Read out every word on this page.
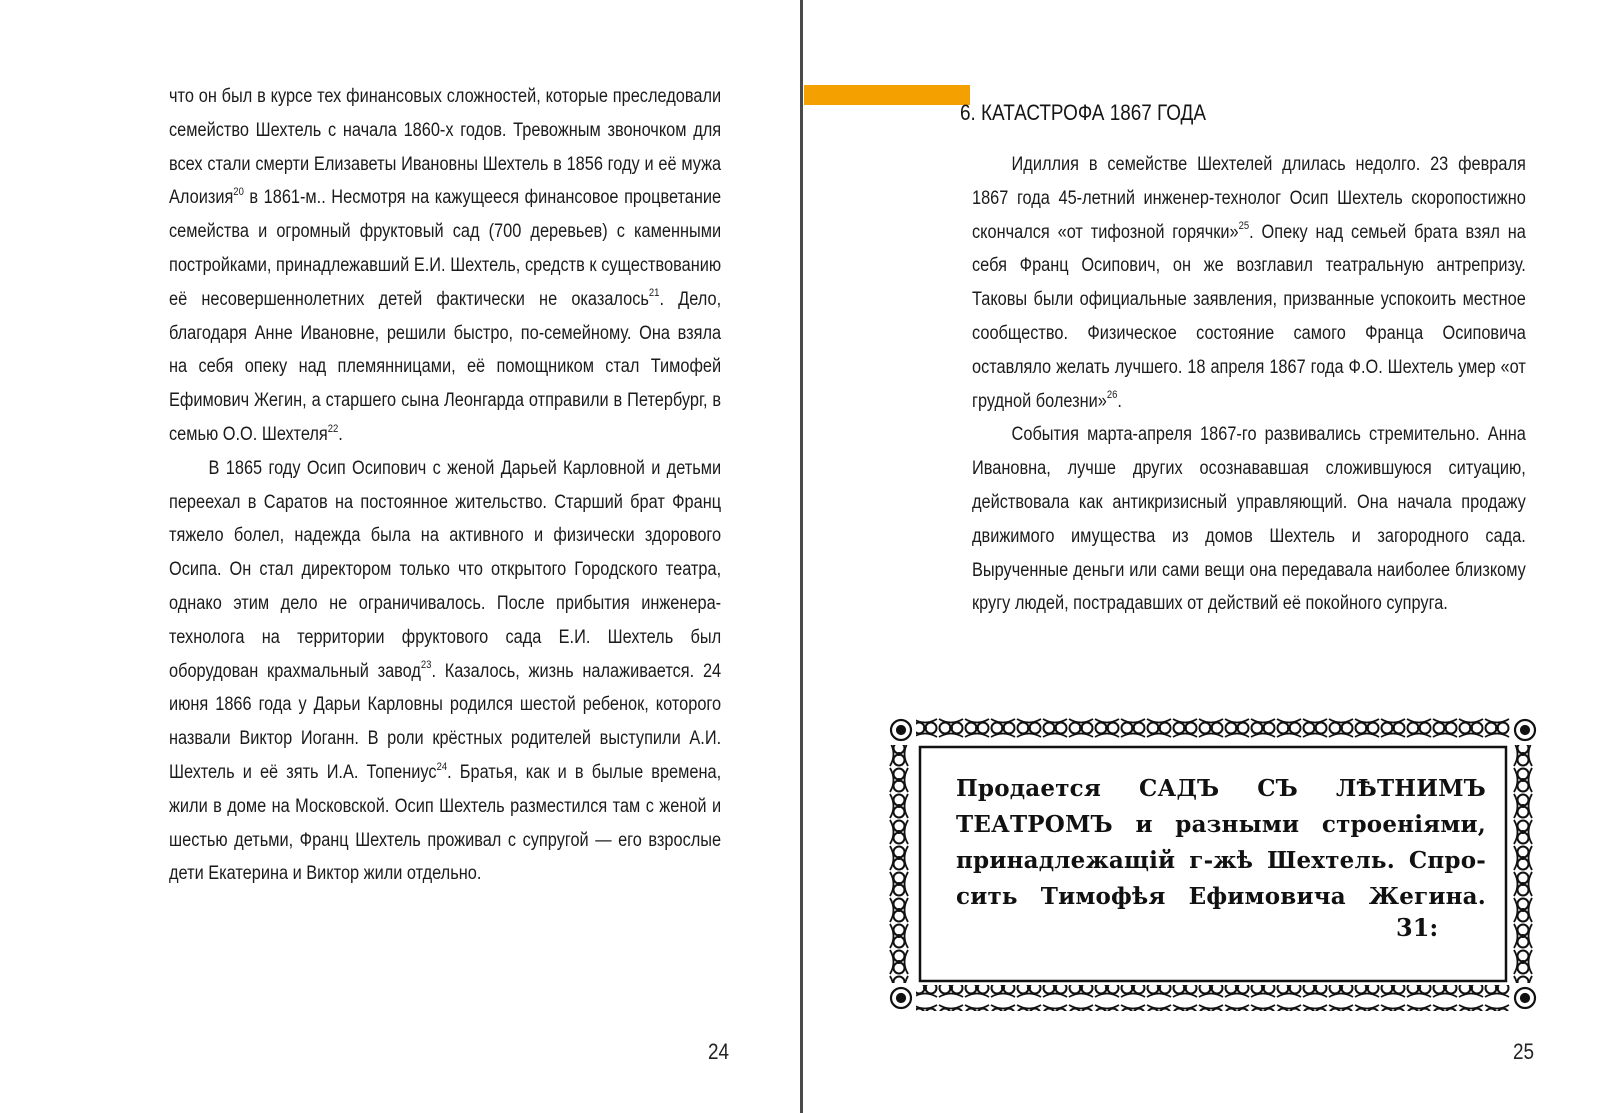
что он был в курсе тех финансовых сложностей, которые преследовали семейство Шехтель с начала 1860-х годов. Тревожным звоночком для всех стали смерти Елизаветы Ивановны Шехтель в 1856 году и её мужа Алоизия$^{20}$ в 1861-м.. Несмотря на кажущееся финансовое процветание семейства и огромный фруктовый сад (700 деревьев) с каменными постройками, принадлежавший Е.И. Шехтель, средств к существованию её несовершеннолетних детей фактически не оказалось$^{21}$. Дело, благодаря Анне Ивановне, решили быстро, по-семейному. Она взяла на себя опеку над племянницами, её помощником стал Тимофей Ефимович Жегин, а старшего сына Леонгарда отправили в Петербург, в семью О.О. Шехтеля$^{22}$.

В 1865 году Осип Осипович с женой Дарьей Карловной и детьми переехал в Саратов на постоянное жительство. Старший брат Франц тяжело болел, надежда была на активного и физически здорового Осипа. Он стал директором только что открытого Городского театра, однако этим дело не ограничивалось. После прибытия инженера-технолога на территории фруктового сада Е.И. Шехтель был оборудован крахмальный завод$^{23}$. Казалось, жизнь налаживается. 24 июня 1866 года у Дарьи Карловны родился шестой ребенок, которого назвали Виктор Иоганн. В роли крёстных родителей выступили А.И. Шехтель и её зять И.А. Топениус$^{24}$. Братья, как и в былые времена, жили в доме на Московской. Осип Шехтель разместился там с женой и шестью детьми, Франц Шехтель проживал с супругой — его взрослые дети Екатерина и Виктор жили отдельно.

24
6. КАТАСТРОФА 1867 ГОДА

Идиллия в семействе Шехтелей длилась недолго. 23 февраля 1867 года 45-летний инженер-технолог Осип Шехтель скоропостижно скончался «от тифозной горячки»$^{25}$. Опеку над семьей брата взял на себя Франц Осипович, он же возглавил театральную антрепризу. Таковы были официальные заявления, призванные успокоить местное сообщество. Физическое состояние самого Франца Осиповича оставляло желать лучшего. 18 апреля 1867 года Ф.О. Шехтель умер «от грудной болезни»$^{26}$.

События марта-апреля 1867-го развивались стремительно. Анна Ивановна, лучше других осознававшая сложившуюся ситуацию, действовала как антикризисный управляющий. Она начала продажу движимого имущества из домов Шехтель и загородного сада. Вырученные деньги или сами вещи она передавала наиболее близкому кругу людей, пострадавших от действий её покойного супруга.

Продается САДЪ СЪ ЛѢТНИМЪ
ТЕАТРОМЪ и разными строеніями,
принадлежащій г-жѣ Шехтель. Спро-
сить Тимофѣя Ефимовича Жегина.
31:
25
